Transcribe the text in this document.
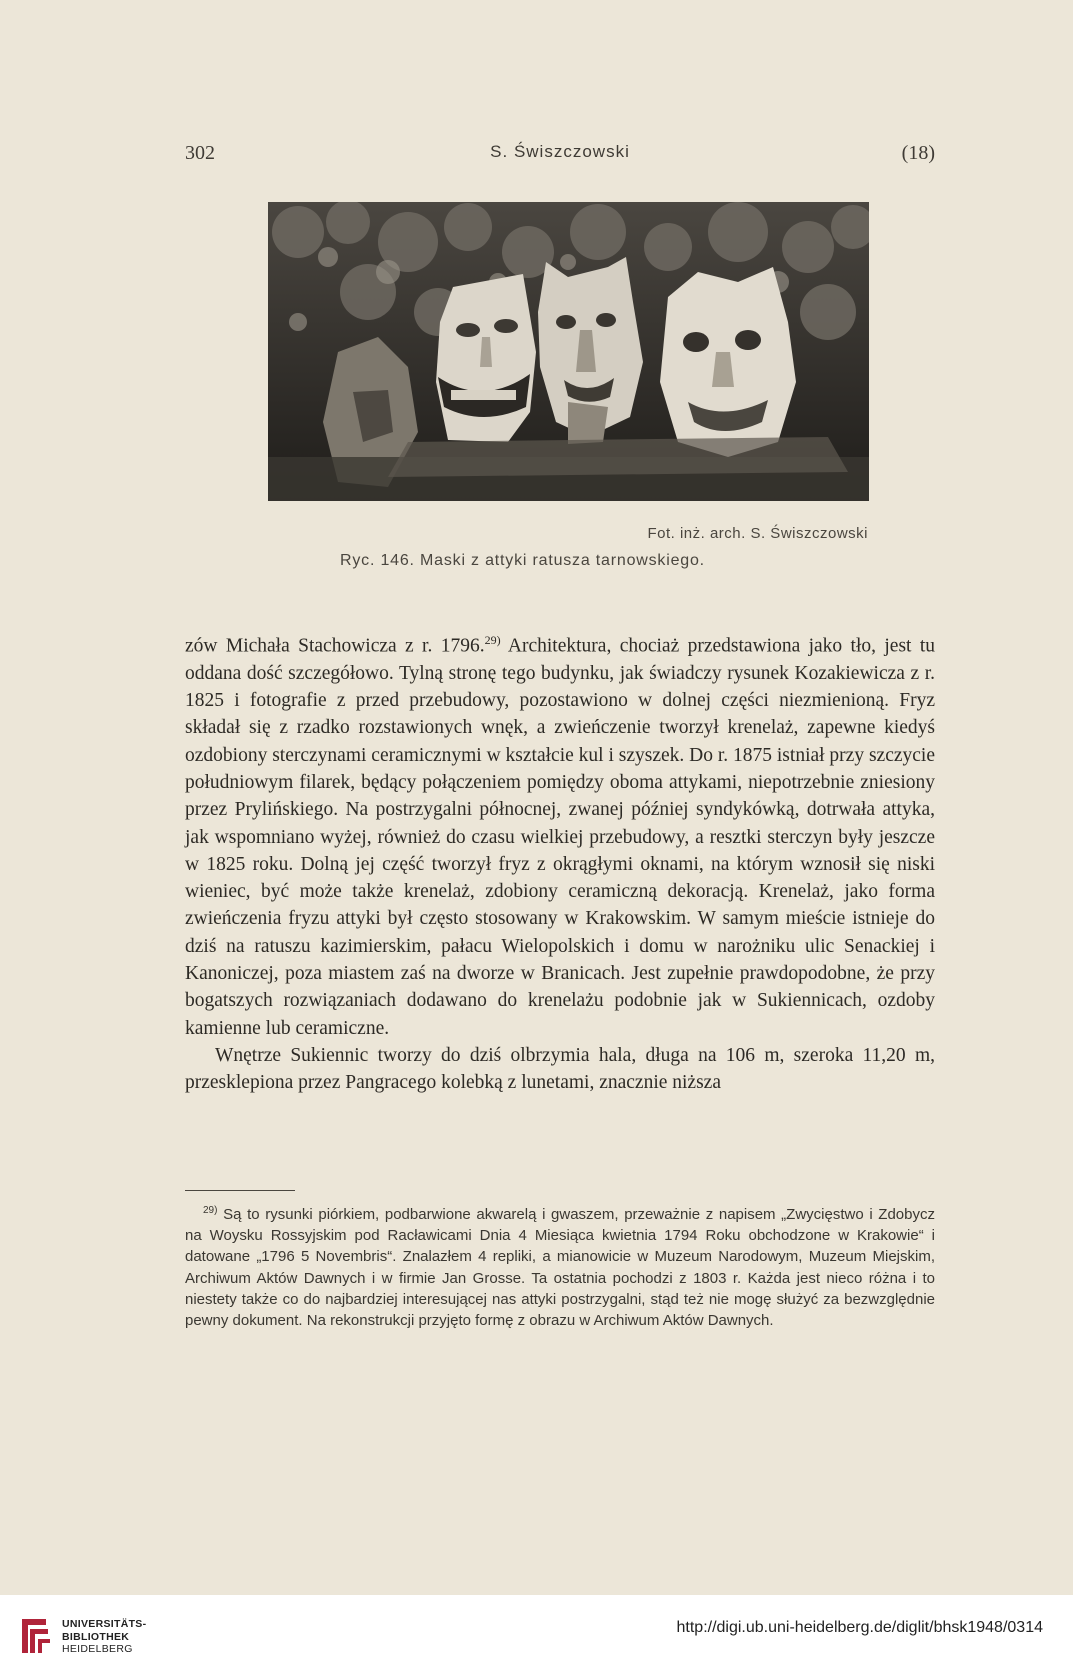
302	S. Świszczowski	(18)
Fot. inż. arch. S. Świszczowski
Ryc. 146. Maski z attyki ratusza tarnowskiego.

zów Michała Stachowicza z r. 1796.$^{29)}$ Architektura, chociaż przedstawiona jako tło, jest tu oddana dość szczegółowo. Tylną stronę tego budynku, jak świadczy rysunek Kozakiewicza z r. 1825 i fotografie z przed przebudowy, pozostawiono w dolnej części niezmienioną. Fryz składał się z rzadko rozstawionych wnęk, a zwieńczenie tworzył krenelaż, zapewne kiedyś ozdobiony sterczynami ceramicznymi w kształcie kul i szyszek. Do r. 1875 istniał przy szczycie południowym filarek, będący połączeniem pomiędzy oboma attykami, niepotrzebnie zniesiony przez Prylińskiego. Na postrzygalni północnej, zwanej później syndykówką, dotrwała attyka, jak wspomniano wyżej, również do czasu wielkiej przebudowy, a resztki sterczyn były jeszcze w 1825 roku. Dolną jej część tworzył fryz z okrągłymi oknami, na którym wznosił się niski wieniec, być może także krenelaż, zdobiony ceramiczną dekoracją. Krenelaż, jako forma zwieńczenia fryzu attyki był często stosowany w Krakowskim. W samym mieście istnieje do dziś na ratuszu kazimierskim, pałacu Wielopolskich i domu w narożniku ulic Senackiej i Kanoniczej, poza miastem zaś na dworze w Branicach. Jest zupełnie prawdopodobne, że przy bogatszych rozwiązaniach dodawano do krenelażu podobnie jak w Sukiennicach, ozdoby kamienne lub ceramiczne.

Wnętrze Sukiennic tworzy do dziś olbrzymia hala, długa na 106 m, szeroka 11,20 m, przesklepiona przez Pangracego kolebką z lunetami, znacznie niższa

$^{29)}$ Są to rysunki piórkiem, podbarwione akwarelą i gwaszem, przeważnie z napisem „Zwycięstwo i Zdobycz na Woysku Rossyjskim pod Racławicami Dnia 4 Miesiąca kwietnia 1794 Roku obchodzone w Krakowie“ i datowane „1796 5 Novembris“. Znalazłem 4 repliki, a mianowicie w Muzeum Narodowym, Muzeum Miejskim, Archiwum Aktów Dawnych i w firmie Jan Grosse. Ta ostatnia pochodzi z 1803 r. Każda jest nieco różna i to niestety także co do najbardziej interesującej nas attyki postrzygalni, stąd też nie mogę służyć za bezwzględnie pewny dokument. Na rekonstrukcji przyjęto formę z obrazu w Archiwum Aktów Dawnych.

UNIVERSITÄTS-
BIBLIOTHEK
HEIDELBERG
http://digi.ub.uni-heidelberg.de/diglit/bhsk1948/0314
